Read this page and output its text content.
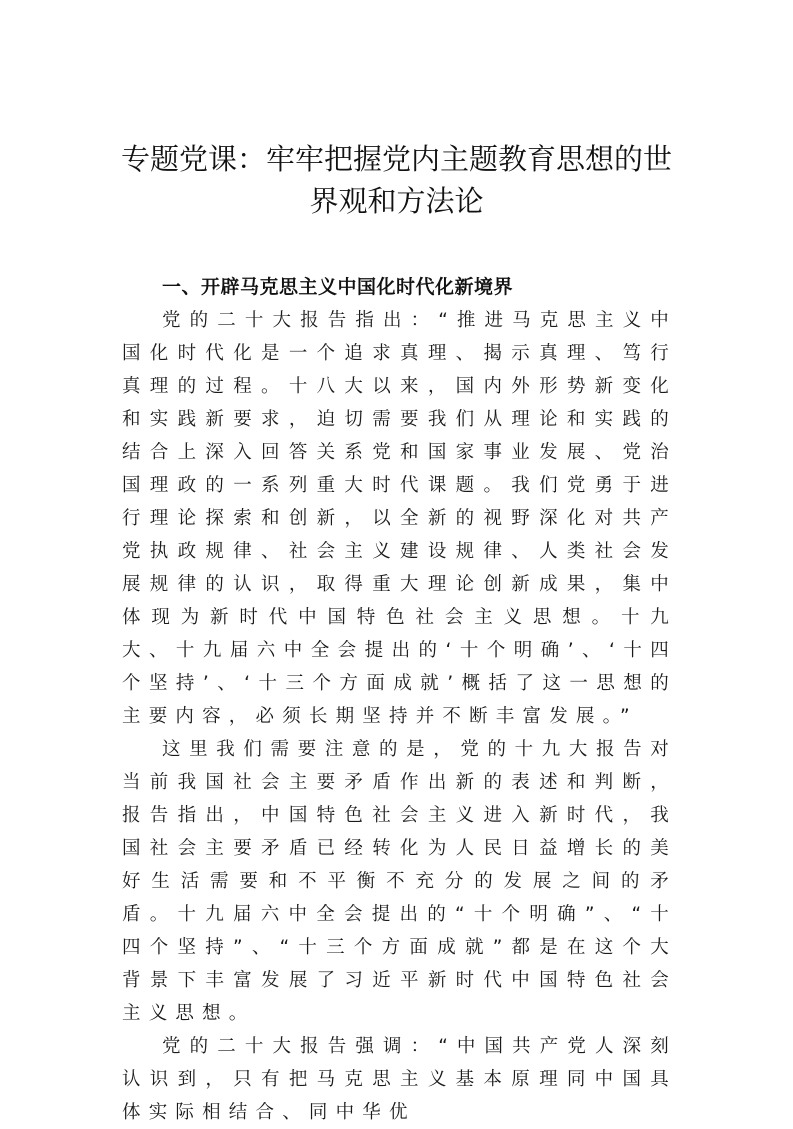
专题党课：牢牢把握党内主题教育思想的世
界观和方法论

一、开辟马克思主义中国化时代化新境界

党的二十大报告指出：“推进马克思主义中国化时代化是一个追求真理、揭示真理、笃行真理的过程。十八大以来，国内外形势新变化和实践新要求，迫切需要我们从理论和实践的结合上深入回答关系党和国家事业发展、党治国理政的一系列重大时代课题。我们党勇于进行理论探索和创新，以全新的视野深化对共产党执政规律、社会主义建设规律、人类社会发展规律的认识，取得重大理论创新成果，集中体现为新时代中国特色社会主义思想。十九大、十九届六中全会提出的‘十个明确’、‘十四个坚持’、‘十三个方面成就’概括了这一思想的主要内容，必须长期坚持并不断丰富发展。”

这里我们需要注意的是，党的十九大报告对当前我国社会主要矛盾作出新的表述和判断，报告指出，中国特色社会主义进入新时代，我国社会主要矛盾已经转化为人民日益增长的美好生活需要和不平衡不充分的发展之间的矛盾。十九届六中全会提出的“十个明确”、“十四个坚持”、“十三个方面成就”都是在这个大背景下丰富发展了习近平新时代中国特色社会主义思想。

党的二十大报告强调：“中国共产党人深刻认识到，只有把马克思主义基本原理同中国具体实际相结合、同中华优
